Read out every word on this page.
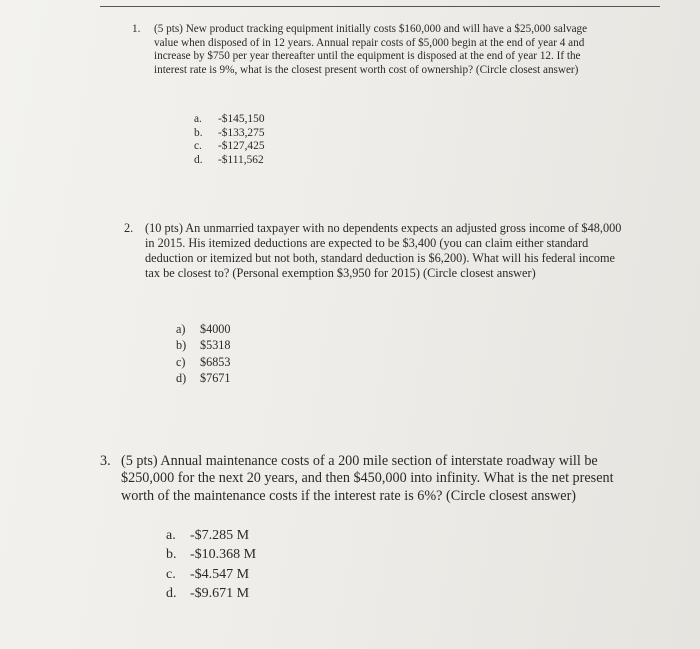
1.	(5 pts) New product tracking equipment initially costs $160,000 and will have a $25,000 salvage value when disposed of in 12 years. Annual repair costs of $5,000 begin at the end of year 4 and increase by $750 per year thereafter until the equipment is disposed at the end of year 12. If the interest rate is 9%, what is the closest present worth cost of ownership? (Circle closest answer)
a.	-$145,150
b.	-$133,275
c.	-$127,425
d.	-$111,562
2. (10 pts) An unmarried taxpayer with no dependents expects an adjusted gross income of $48,000 in 2015. His itemized deductions are expected to be $3,400 (you can claim either standard deduction or itemized but not both, standard deduction is $6,200). What will his federal income tax be closest to? (Personal exemption $3,950 for 2015) (Circle closest answer)
a)	$4000
b)	$5318
c)	$6853
d)	$7671
3. (5 pts) Annual maintenance costs of a 200 mile section of interstate roadway will be $250,000 for the next 20 years, and then $450,000 into infinity. What is the net present worth of the maintenance costs if the interest rate is 6%? (Circle closest answer)
a.	-$7.285 M
b. -$10.368 M
c.	-$4.547 M
d. -$9.671 M
